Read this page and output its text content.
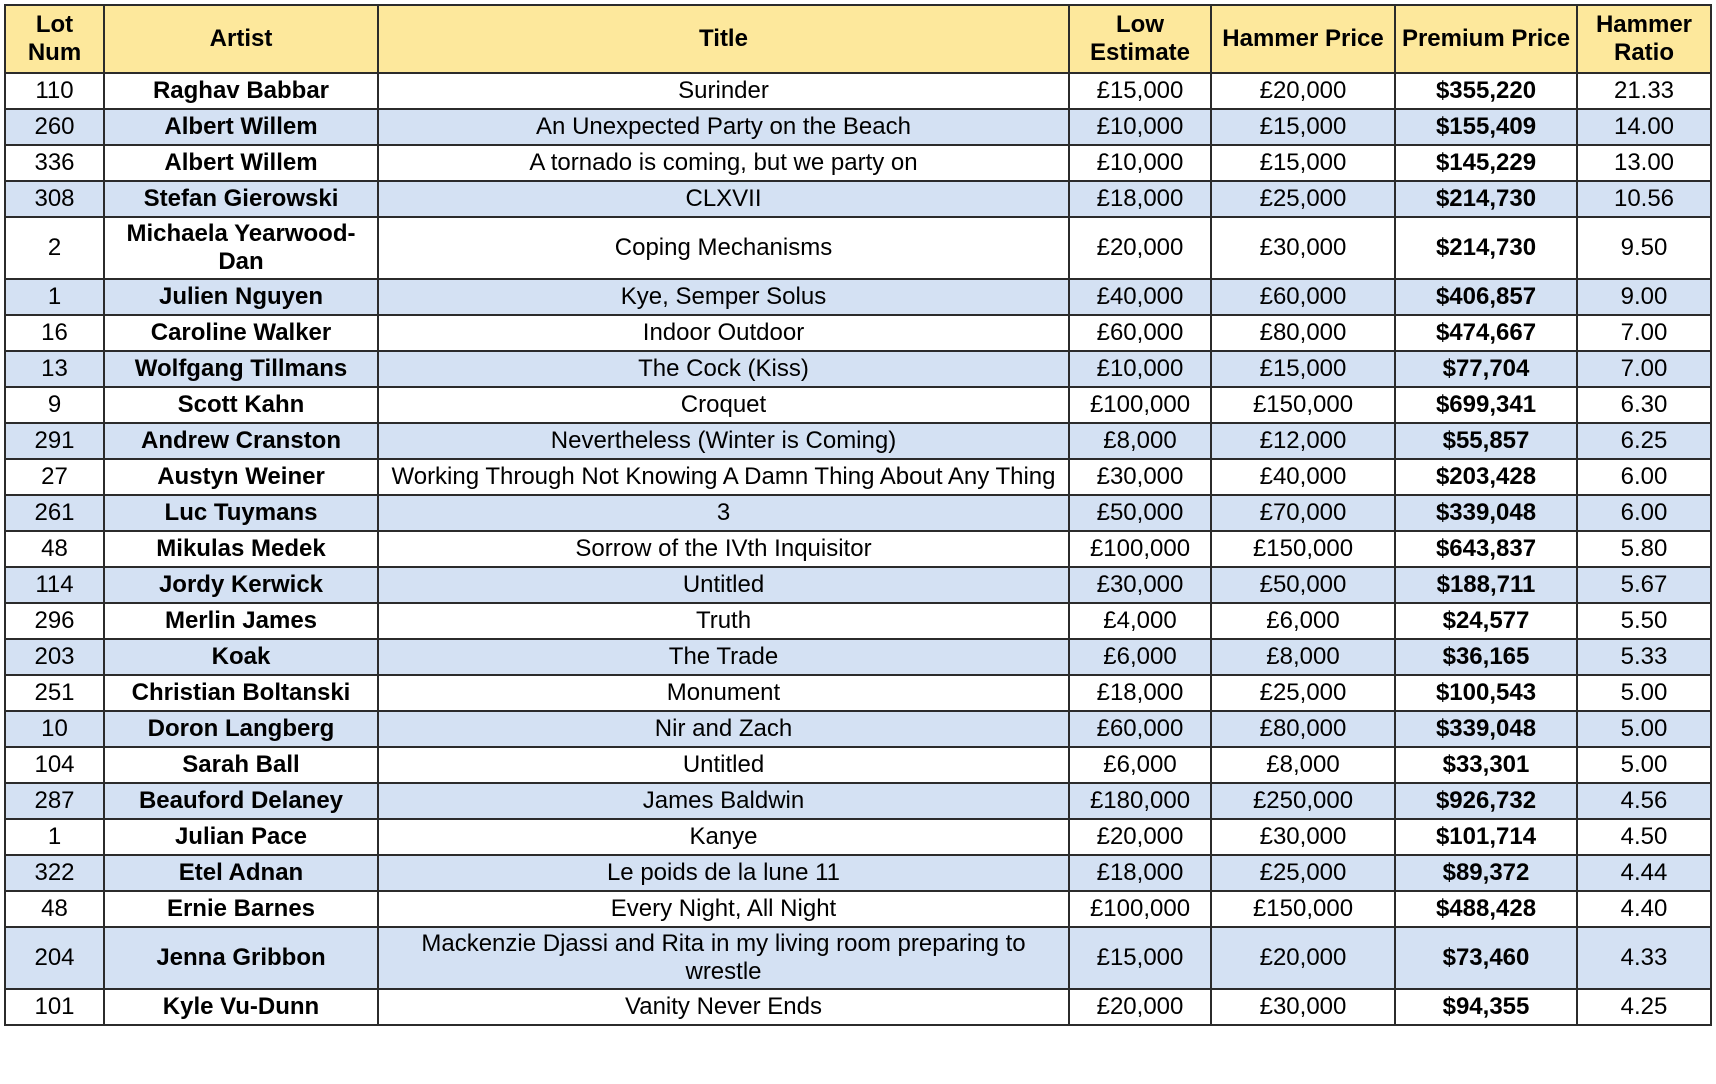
Lot Num	Artist	Title	Low Estimate	Hammer Price	Premium Price	Hammer Ratio
110	Raghav Babbar	Surinder	£15,000	£20,000	$355,220	21.33
260	Albert Willem	An Unexpected Party on the Beach	£10,000	£15,000	$155,409	14.00
336	Albert Willem	A tornado is coming, but we party on	£10,000	£15,000	$145,229	13.00
308	Stefan Gierowski	CLXVII	£18,000	£25,000	$214,730	10.56
2	Michaela Yearwood-Dan	Coping Mechanisms	£20,000	£30,000	$214,730	9.50
1	Julien Nguyen	Kye, Semper Solus	£40,000	£60,000	$406,857	9.00
16	Caroline Walker	Indoor Outdoor	£60,000	£80,000	$474,667	7.00
13	Wolfgang Tillmans	The Cock (Kiss)	£10,000	£15,000	$77,704	7.00
9	Scott Kahn	Croquet	£100,000	£150,000	$699,341	6.30
291	Andrew Cranston	Nevertheless (Winter is Coming)	£8,000	£12,000	$55,857	6.25
27	Austyn Weiner	Working Through Not Knowing A Damn Thing About Any Thing	£30,000	£40,000	$203,428	6.00
261	Luc Tuymans	3	£50,000	£70,000	$339,048	6.00
48	Mikulas Medek	Sorrow of the IVth Inquisitor	£100,000	£150,000	$643,837	5.80
114	Jordy Kerwick	Untitled	£30,000	£50,000	$188,711	5.67
296	Merlin James	Truth	£4,000	£6,000	$24,577	5.50
203	Koak	The Trade	£6,000	£8,000	$36,165	5.33
251	Christian Boltanski	Monument	£18,000	£25,000	$100,543	5.00
10	Doron Langberg	Nir and Zach	£60,000	£80,000	$339,048	5.00
104	Sarah Ball	Untitled	£6,000	£8,000	$33,301	5.00
287	Beauford Delaney	James Baldwin	£180,000	£250,000	$926,732	4.56
1	Julian Pace	Kanye	£20,000	£30,000	$101,714	4.50
322	Etel Adnan	Le poids de la lune 11	£18,000	£25,000	$89,372	4.44
48	Ernie Barnes	Every Night, All Night	£100,000	£150,000	$488,428	4.40
204	Jenna Gribbon	Mackenzie Djassi and Rita in my living room preparing to wrestle	£15,000	£20,000	$73,460	4.33
101	Kyle Vu-Dunn	Vanity Never Ends	£20,000	£30,000	$94,355	4.25
